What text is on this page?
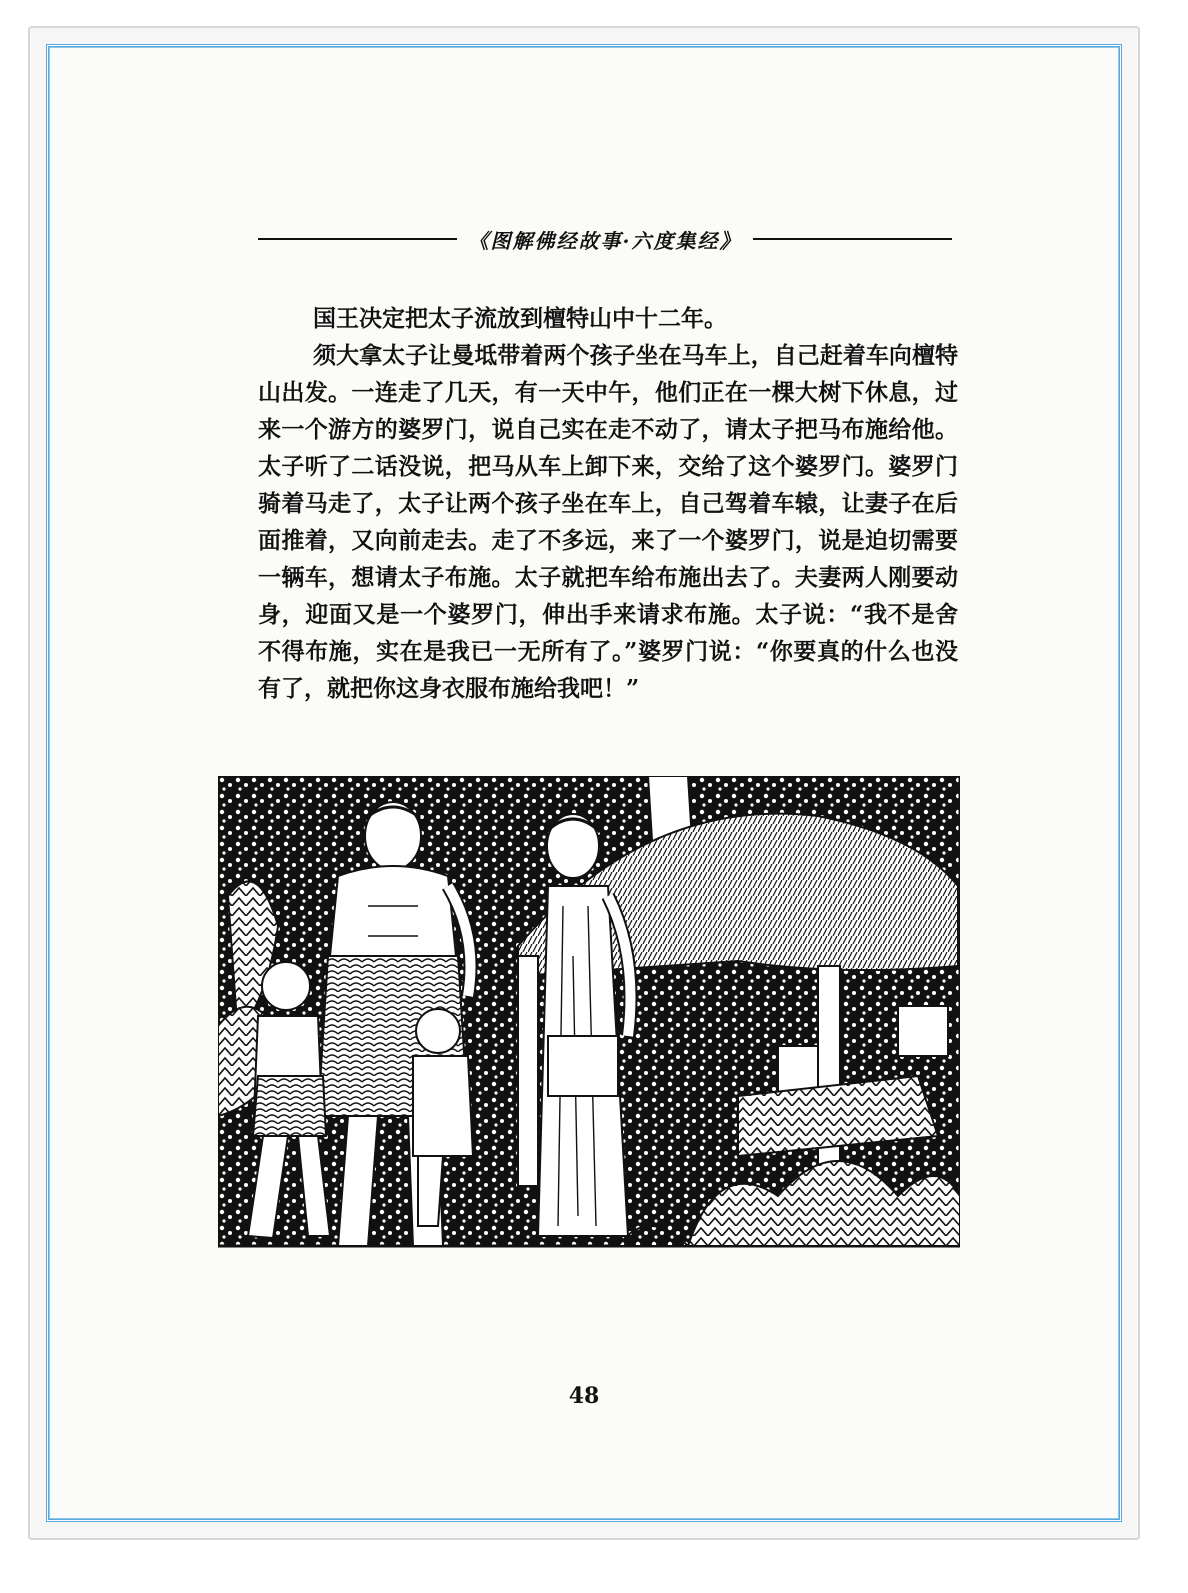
《图解佛经故事·六度集经》

国王决定把太子流放到檀特山中十二年。

须大拿太子让曼坻带着两个孩子坐在马车上，自己赶着车向檀特山出发。一连走了几天，有一天中午，他们正在一棵大树下休息，过来一个游方的婆罗门，说自己实在走不动了，请太子把马布施给他。太子听了二话没说，把马从车上卸下来，交给了这个婆罗门。婆罗门骑着马走了，太子让两个孩子坐在车上，自己驾着车辕，让妻子在后面推着，又向前走去。走了不多远，来了一个婆罗门，说是迫切需要一辆车，想请太子布施。太子就把车给布施出去了。夫妻两人刚要动身，迎面又是一个婆罗门，伸出手来请求布施。太子说：“我不是舍不得布施，实在是我已一无所有了。”婆罗门说：“你要真的什么也没有了，就把你这身衣服布施给我吧！”

48
